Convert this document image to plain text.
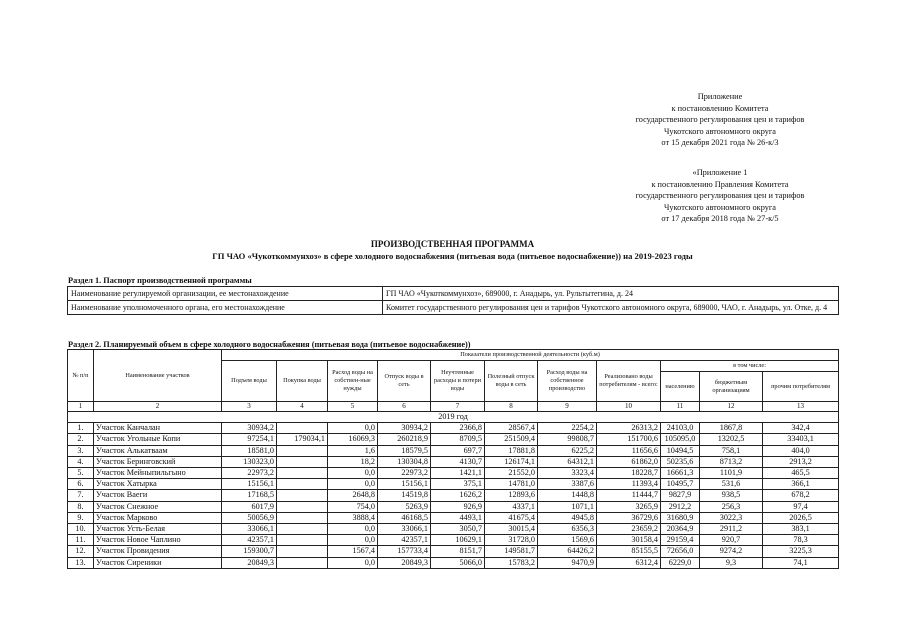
Приложение
к постановлению Комитета
государственного регулирования цен и тарифов
Чукотского автономного округа
от 15 декабря 2021 года № 26-к/3
«Приложение 1
к постановлению Правления Комитета
государственного регулирования цен и тарифов
Чукотского автономного округа
от 17 декабря 2018 года № 27-к/5
ПРОИЗВОДСТВЕННАЯ ПРОГРАММА
ГП ЧАО «Чукоткоммунхоз» в сфере холодного водоснабжения (питьевая вода (питьевое водоснабжение)) на 2019-2023 годы
Раздел 1. Паспорт производственной программы
Наименование регулируемой организации, ее местонахождение	ГП ЧАО «Чукоткоммунхоз», 689000, г. Анадырь, ул. Рультытегина, д. 24
Наименование уполномоченного органа, его местонахождение	Комитет государственного регулирования цен и тарифов Чукотского автономного округа, 689000, ЧАО, г. Анадырь, ул. Отке, д. 4
Раздел 2. Планируемый объем в сфере холодного водоснабжения (питьевая вода (питьевое водоснабжение))
№ п/п	Наименование участков	Показатели производственной деятельности (куб.м)										
		Подъем воды	Покупка воды	Расход воды на собствен-ные нужды	Отпуск воды в сеть	Неучтенные расходы и потери воды	Полезный отпуск воды в сеть	Расход воды на собственное производство	Реализовано воды потребителям - всего:	в том числе:		
										населению	бюджетным организациям	прочим потребителям
1	2	3	4	5	6	7	8	9	10	11	12	13
2019 год												
1.	Участок Канчалан	30934,2		0,0	30934,2	2366,8	28567,4	2254,2	26313,2	24103,0	1867,8	342,4
2.	Участок Угольные Копи	97254,1	179034,1	16069,3	260218,9	8709,5	251509,4	99808,7	151700,6	105095,0	13202,5	33403,1
3.	Участок Алькатваам	18581,0		1,6	18579,5	697,7	17881,8	6225,2	11656,6	10494,5	758,1	404,0
4.	Участок Беринговский	130323,0		18,2	130304,8	4130,7	126174,1	64312,1	61862,0	50235,6	8713,2	2913,2
5.	Участок Мейныпильгыно	22973,2		0,0	22973,2	1421,1	21552,0	3323,4	18228,7	16661,3	1101,9	465,5
6.	Участок Хатырка	15156,1		0,0	15156,1	375,1	14781,0	3387,6	11393,4	10495,7	531,6	366,1
7.	Участок Ваеги	17168,5		2648,8	14519,8	1626,2	12893,6	1448,8	11444,7	9827,9	938,5	678,2
8.	Участок Снежное	6017,9		754,0	5263,9	926,9	4337,1	1071,1	3265,9	2912,2	256,3	97,4
9.	Участок Марково	50056,9		3888,4	46168,5	4493,1	41675,4	4945,8	36729,6	31680,9	3022,3	2026,5
10.	Участок Усть-Белая	33066,1		0,0	33066,1	3050,7	30015,4	6356,3	23659,2	20364,9	2911,2	383,1
11.	Участок Новое Чаплино	42357,1		0,0	42357,1	10629,1	31728,0	1569,6	30158,4	29159,4	920,7	78,3
12.	Участок Провидения	159300,7		1567,4	157733,4	8151,7	149581,7	64426,2	85155,5	72656,0	9274,2	3225,3
13.	Участок Сиреники	20849,3		0,0	20849,3	5066,0	15783,2	9470,9	6312,4	6229,0	9,3	74,1
